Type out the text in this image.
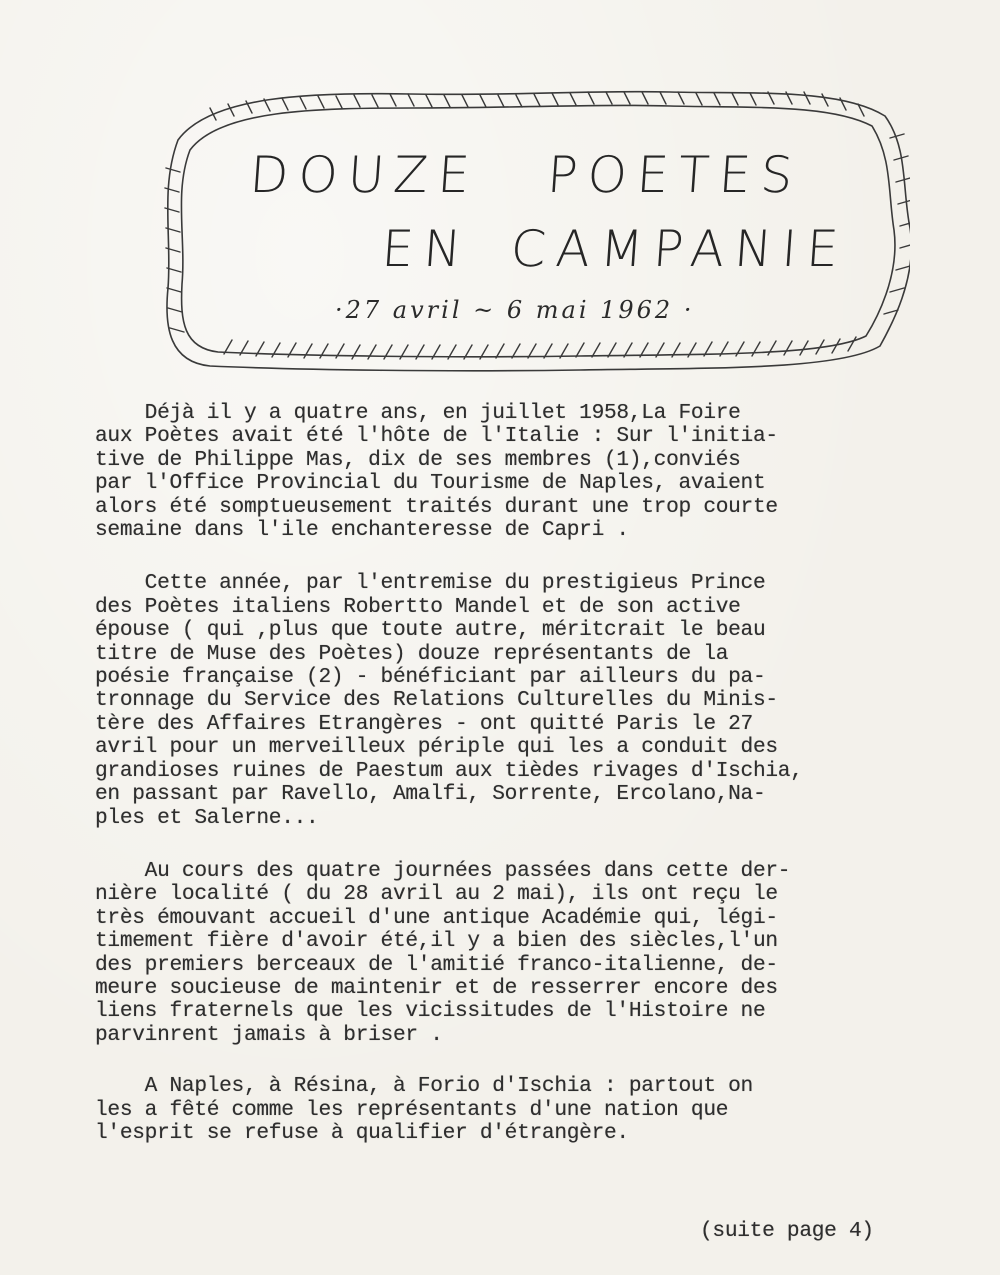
DOUZE POETES
EN CAMPANIE
·27 avril ~ 6 mai 1962 ·

Déjà il y a quatre ans, en juillet 1958,La Foire
aux Poètes avait été l'hôte de l'Italie : Sur l'initia-
tive de Philippe Mas, dix de ses membres (1),conviés
par l'Office Provincial du Tourisme de Naples, avaient
alors été somptueusement traités durant une trop courte
semaine dans l'ile enchanteresse de Capri .

Cette année, par l'entremise du prestigieus Prince
des Poètes italiens Robertto Mandel et de son active
épouse ( qui ,plus que toute autre, méritcrait le beau
titre de Muse des Poètes) douze représentants de la
poésie française (2) - bénéficiant par ailleurs du pa-
tronnage du Service des Relations Culturelles du Minis-
tère des Affaires Etrangères - ont quitté Paris le 27
avril pour un merveilleux périple qui les a conduit des
grandioses ruines de Paestum aux tièdes rivages d'Ischia,
en passant par Ravello, Amalfi, Sorrente, Ercolano,Na-
ples et Salerne...

Au cours des quatre journées passées dans cette der-
nière localité ( du 28 avril au 2 mai), ils ont reçu le
très émouvant accueil d'une antique Académie qui, légi-
timement fière d'avoir été,il y a bien des siècles,l'un
des premiers berceaux de l'amitié franco-italienne, de-
meure soucieuse de maintenir et de resserrer encore des
liens fraternels que les vicissitudes de l'Histoire ne
parvinrent jamais à briser .

A Naples, à Résina, à Forio d'Ischia : partout on
les a fêté comme les représentants d'une nation que
l'esprit se refuse à qualifier d'étrangère.

(suite page 4)
